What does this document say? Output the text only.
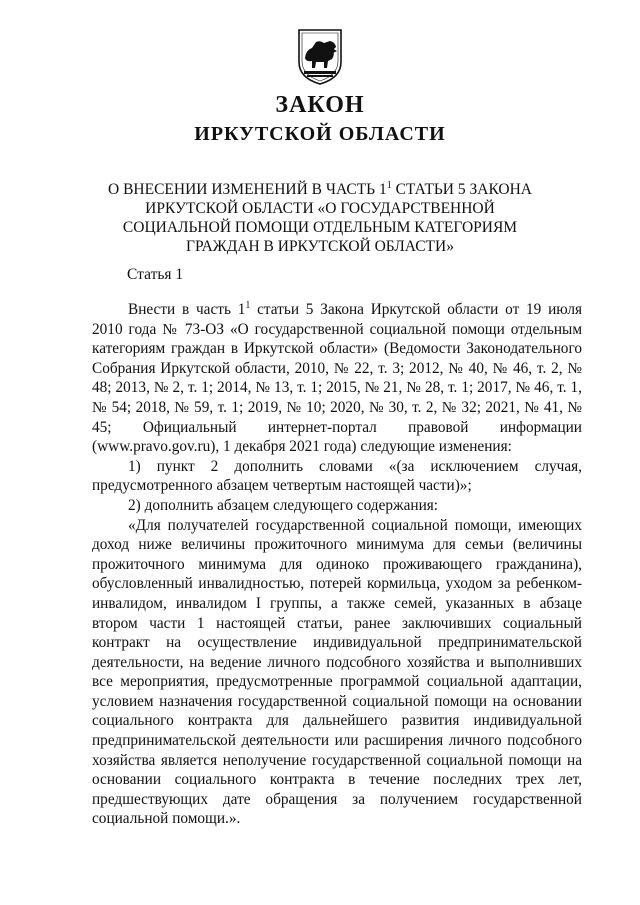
ЗАКОН
ИРКУТСКОЙ ОБЛАСТИ
О ВНЕСЕНИИ ИЗМЕНЕНИЙ В ЧАСТЬ $1^1$ СТАТЬИ 5 ЗАКОНА ИРКУТСКОЙ ОБЛАСТИ «О ГОСУДАРСТВЕННОЙ СОЦИАЛЬНОЙ ПОМОЩИ ОТДЕЛЬНЫМ КАТЕГОРИЯМ ГРАЖДАН В ИРКУТСКОЙ ОБЛАСТИ»
Статья 1

Внести в часть $1^1$ статьи 5 Закона Иркутской области от 19 июля 2010 года № 73-ОЗ «О государственной социальной помощи отдельным категориям граждан в Иркутской области» (Ведомости Законодательного Собрания Иркутской области, 2010, № 22, т. 3; 2012, № 40, № 46, т. 2, № 48; 2013, № 2, т. 1; 2014, № 13, т. 1; 2015, № 21, № 28, т. 1; 2017, № 46, т. 1, № 54; 2018, № 59, т. 1; 2019, № 10; 2020, № 30, т. 2, № 32; 2021, № 41, № 45; Официальный интернет-портал правовой информации (www.pravo.gov.ru), 1 декабря 2021 года) следующие изменения:

1) пункт 2 дополнить словами «(за исключением случая, предусмотренного абзацем четвертым настоящей части)»;

2) дополнить абзацем следующего содержания:

«Для получателей государственной социальной помощи, имеющих доход ниже величины прожиточного минимума для семьи (величины прожиточного минимума для одиноко проживающего гражданина), обусловленный инвалидностью, потерей кормильца, уходом за ребенком-инвалидом, инвалидом I группы, а также семей, указанных в абзаце втором части 1 настоящей статьи, ранее заключивших социальный контракт на осуществление индивидуальной предпринимательской деятельности, на ведение личного подсобного хозяйства и выполнивших все мероприятия, предусмотренные программой социальной адаптации, условием назначения государственной социальной помощи на основании социального контракта для дальнейшего развития индивидуальной предпринимательской деятельности или расширения личного подсобного хозяйства является неполучение государственной социальной помощи на основании социального контракта в течение последних трех лет, предшествующих дате обращения за получением государственной социальной помощи.».
